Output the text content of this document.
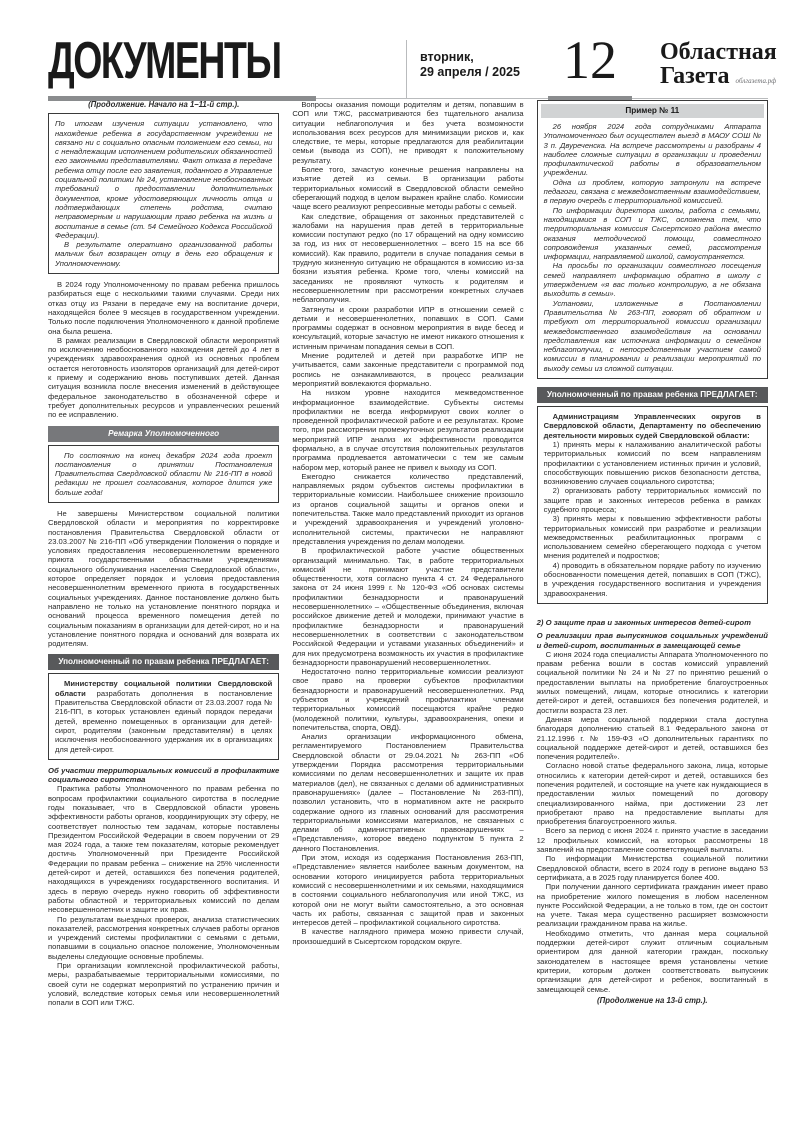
ДОКУМЕНТЫ	вторник,
29 апреля / 2025 12	Областная
Газета облгазета.рф
(Продолжение. Начало на 1–11-й стр.).

По итогам изучения ситуации установлено, что нахождение ребенка в государственном учреждении не связано ни с социально опасным положением его семьи, ни с ненадлежащим исполнением родительских обязанностей его законными представителями. Факт отказа в передаче ребенка отцу после его заявления, поданного в Управление социальной политики № 24, установление необоснованных требований о предоставлении дополнительных документов, кроме удостоверяющих личность отца и подтверждающих степень родства, считаю неправомерным и нарушающим право ребенка на жизнь и воспитание в семье (ст. 54 Семейного Кодекса Российской Федерации).

В результате оперативно организованной работы мальчик был возвращен отцу в день его обращения к Уполномоченному.

В 2024 году Уполномоченному по правам ребенка пришлось разбираться еще с несколькими такими случаями. Среди них отказ отцу из Рязани в передаче ему на воспитание дочери, находящейся более 9 месяцев в государственном учреждении. Только после подключения Уполномоченного к данной проблеме она была решена.

В рамках реализации в Свердловской области мероприятий по исключению необоснованного нахождения детей до 4 лет в учреждениях здравоохранения одной из основных проблем остается неготовность изоляторов организаций для детей-сирот к приему и содержанию вновь поступивших детей. Данная ситуация возникла после внесения изменений в действующее федеральное законодательство в обозначенной сфере и требует дополнительных ресурсов и управленческих решений по ее исправлению.

Ремарка Уполномоченного

По состоянию на конец декабря 2024 года проект постановления о принятии Постановления Правительства Свердловской области № 216-ПП в новой редакции не прошел согласования, которое длится уже больше года!

Не завершены Министерством социальной политики Свердловской области и мероприятия по корректировке постановления Правительства Свердловской области от 23.03.2007 № 216-ПП «Об утверждении Положения о порядке и условиях предоставления несовершеннолетним временного приюта государственными областными учреждениями социального обслуживания населения Свердловской области», которое определяет порядок и условия предоставления несовершеннолетним временного приюта в государственных социальных учреждениях. Данное постановление должно быть направлено не только на установление понятного порядка и оснований процесса временного помещения детей по социальным показаниям в организации для детей-сирот, но и на установление понятного порядка и оснований для возврата их родителям.

Уполномоченный по правам ребенка ПРЕДЛАГАЕТ:

Министерству социальной политики Свердловской области разработать дополнения в постановление Правительства Свердловской области от 23.03.2007 года № 216-ПП, в которых установлен единый порядок передачи детей, временно помещенных в организации для детей-сирот, родителям (законным представителям) в целях исключения необоснованного удержания их в организациях для детей-сирот.

Об участии территориальных комиссий в профилактике социального сиротства

Практика работы Уполномоченного по правам ребенка по вопросам профилактики социального сиротства в последние годы показывает, что в Свердловской области уровень эффективности работы органов, координирующих эту сферу, не соответствует полностью тем задачам, которые поставлены Президентом Российской Федерации в своем поручении от 29 мая 2024 года, а также тем показателям, которые рекомендует достичь Уполномоченный при Президенте Российской Федерации по правам ребенка – снижение на 25% численности детей-сирот и детей, оставшихся без попечения родителей, находящихся в учреждениях государственного воспитания. И здесь в первую очередь нужно говорить об эффективности работы областной и территориальных комиссий по делам несовершеннолетних и защите их прав.

По результатам выездных проверок, анализа статистических показателей, рассмотрения конкретных случаев работы органов и учреждений системы профилактики с семьями с детьми, попавшими в социально опасное положение, Уполномоченным выделены следующие основные проблемы.

При организации комплексной профилактической работы, меры, разрабатываемые территориальными комиссиями, по своей сути не содержат мероприятий по устранению причин и условий, вследствие которых семья или несовершеннолетний попали в СОП или ТЖС.

Вопросы оказания помощи родителям и детям, попавшим в СОП или ТЖС, рассматриваются без тщательного анализа ситуации неблагополучия и без учета возможности использования всех ресурсов для минимизации рисков и, как следствие, те меры, которые предлагаются для реабилитации семьи (вывода из СОП), не приводят к положительному результату.

Более того, зачастую конечные решения направлены на изъятие детей из семьи. В организации работы территориальных комиссий в Свердловской области семейно сберегающий подход в целом выражен крайне слабо. Комиссии чаще всего реализуют репрессивные методы работы с семьей.

Как следствие, обращения от законных представителей с жалобами на нарушения прав детей в территориальные комиссии поступают редко (по 17 обращений на одну комиссию за год, из них от несовершеннолетних – всего 15 на все 66 комиссий). Как правило, родители в случае попадания семьи в трудную жизненную ситуацию не обращаются в комиссию из-за боязни изъятия ребенка. Кроме того, члены комиссий на заседаниях не проявляют чуткость к родителям и несовершеннолетним при рассмотрении конкретных случаев неблагополучия.

Затянуты и сроки разработки ИПР в отношении семей с детьми и несовершеннолетних, попавших в СОП. Сами программы содержат в основном мероприятия в виде бесед и консультаций, которые зачастую не имеют никакого отношения к истинным причинам попадания семьи в СОП.

Мнение родителей и детей при разработке ИПР не учитывается, сами законные представители с программой под роспись не ознакамливаются, в процесс реализации мероприятий вовлекаются формально.

На низком уровне находится межведомственное информационное взаимодействие. Субъекты системы профилактики не всегда информируют своих коллег о проведенной профилактической работе и ее результатах. Кроме того, при рассмотрении промежуточных результатов реализации мероприятий ИПР анализ их эффективности проводится формально, а в случае отсутствия положительных результатов программа продлевается автоматически с тем же самым набором мер, который ранее не привел к выходу из СОП.

Ежегодно снижается количество представлений, направляемых рядом субъектов системы профилактики в территориальные комиссии. Наибольшее снижение произошло из органов социальной защиты и органов опеки и попечительства. Также мало представлений приходит из органов и учреждений здравоохранения и учреждений уголовно-исполнительной системы, практически не направляют представления учреждения по делам молодежи.

В профилактической работе участие общественных организаций минимально. Так, в работе территориальных комиссий не принимают участие представители общественности, хотя согласно пункта 4 ст. 24 Федерального закона от 24 июня 1999 г. № 120-ФЗ «Об основах системы профилактики безнадзорности и правонарушений несовершеннолетних» – «Общественные объединения, включая российское движение детей и молодежи, принимают участие в профилактике безнадзорности и правонарушений несовершеннолетних в соответствии с законодательством Российской Федерации и уставами указанных объединений» и для них предусмотрена возможность их участия в профилактике безнадзорности правонарушений несовершеннолетних.

Недостаточно полно территориальные комиссии реализуют свое право на проверки субъектов профилактики безнадзорности и правонарушений несовершеннолетних. Ряд субъектов и учреждений профилактики членами территориальных комиссий посещаются крайне редко (молодежной политики, культуры, здравоохранения, опеки и попечительства, спорта, ОВД).

Анализ организации информационного обмена, регламентируемого Постановлением Правительства Свердловской области от 29.04.2021 № 263-ПП «Об утверждении Порядка рассмотрения территориальными комиссиями по делам несовершеннолетних и защите их прав материалов (дел), не связанных с делами об административных правонарушениях» (далее – Постановление № 263-ПП), позволил установить, что в нормативном акте не раскрыто содержание одного из главных оснований для рассмотрения территориальными комиссиями материалов, не связанных с делами об административных правонарушениях – «Представления», которое введено подпунктом 5 пункта 2 данного Постановления.

При этом, исходя из содержания Постановления 263-ПП, «Представление» является наиболее важным документом, на основании которого инициируется работа территориальных комиссий с несовершеннолетними и их семьями, находящимися в состоянии социального неблагополучия или иной ТЖС, из которой они не могут выйти самостоятельно, а это основная часть их работы, связанная с защитой прав и законных интересов детей – профилактикой социального сиротства.

В качестве наглядного примера можно привести случай, произошедший в Сысертском городском округе.

Пример № 11

26 ноября 2024 года сотрудниками Аппарата Уполномоченного был осуществлен выезд в МАОУ СОШ № 3 п. Двуреченска. На встрече рассмотрены и разобраны 4 наиболее сложные ситуации в организации и проведении профилактической работы в образовательном учреждении.

Одна из проблем, которую затронули на встрече педагоги, связана с межведомственным взаимодействием, в первую очередь с территориальной комиссией.

По информации директора школы, работа с семьями, находящимися в СОП и ТЖС, осложнена тем, что территориальная комиссия Сысертского района вместо оказания методической помощи, совместного сопровождения указанных семей, рассмотрения информации, направляемой школой, самоустраняется.

На просьбы по организации совместного посещения семей направляет информацию обратно в школу с утверждением «я вас только контролирую, а не обязана выходить в семьи».

Установки, изложенные в Постановлении Правительства № 263-ПП, говорят об обратном и требуют от территориальной комиссии организации межведомственного взаимодействия на основании представления как источника информации о семейном неблагополучии, с непосредственным участием самой комиссии в планировании и реализации мероприятий по выходу семьи из сложной ситуации.

Уполномоченный по правам ребенка ПРЕДЛАГАЕТ:

Администрациям Управленческих округов в Свердловской области, Департаменту по обеспечению деятельности мировых судей Свердловской области:

1) принять меры к налаживанию аналитической работы территориальных комиссий по всем направлениям профилактики с установлением истинных причин и условий, способствующих повышению рисков безопасности детства, возникновению случаев социального сиротства;

2) организовать работу территориальных комиссий по защите прав и законных интересов ребенка в рамках судебного процесса;

3) принять меры к повышению эффективности работы территориальных комиссий при разработке и реализации межведомственных реабилитационных программ с использованием семейно сберегающего подхода с учетом мнения родителей и подростков;

4) проводить в обязательном порядке работу по изучению обоснованности помещения детей, попавших в СОП (ТЖС), в учреждения государственного воспитания и учреждения здравоохранения.

2) О защите прав и законных интересов детей-сирот
О реализации прав выпускников социальных учреждений и детей-сирот, воспитанных в замещающей семье

С июня 2024 года специалисты Аппарата Уполномоченного по правам ребенка вошли в состав комиссий управлений социальной политики № 24 и № 27 по принятию решений о предоставлении выплаты на приобретение благоустроенных жилых помещений, лицам, которые относились к категории детей-сирот и детей, оставшихся без попечения родителей, и достигли возраста 23 лет.

Данная мера социальной поддержки стала доступна благодаря дополнению статьей 8.1 Федерального закона от 21.12.1996 г. № 159-ФЗ «О дополнительных гарантиях по социальной поддержке детей-сирот и детей, оставшихся без попечения родителей».

Согласно новой статье федерального закона, лица, которые относились к категории детей-сирот и детей, оставшихся без попечения родителей, и состоящие на учете как нуждающиеся в предоставлении жилых помещений по договору специализированного найма, при достижении 23 лет приобретают право на предоставление выплаты для приобретения благоустроенного жилья.

Всего за период с июня 2024 г. принято участие в заседании 12 профильных комиссий, на которых рассмотрены 18 заявлений на предоставление соответствующей выплаты.

По информации Министерства социальной политики Свердловской области, всего в 2024 году в регионе выдано 53 сертификата, а в 2025 году планируется более 400.

При получении данного сертификата гражданин имеет право на приобретение жилого помещения в любом населенном пункте Российской Федерации, а не только в том, где он состоит на учете. Такая мера существенно расширяет возможности реализации гражданином права на жилье.

Необходимо отметить, что данная мера социальной поддержки детей-сирот служит отличным социальным ориентиром для данной категории граждан, поскольку законодателем в настоящее время установлены четкие критерии, которым должен соответствовать выпускник организации для детей-сирот и ребенок, воспитанный в замещающей семье.

(Продолжение на 13-й стр.).
